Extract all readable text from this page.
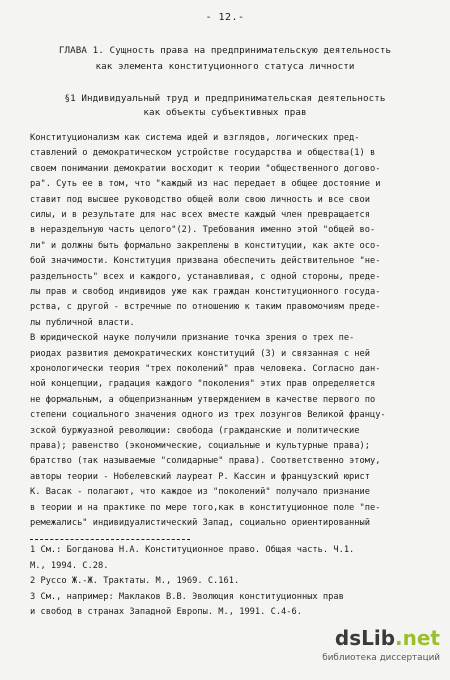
- 12.-
ГЛАВА 1. Сущность права на предпринимательскую деятельность
как элемента конституционного статуса личности
§1 Индивидуальный труд и предпринимательская деятельность
как объекты субъективных прав
Конституционализм как система идей и взглядов, логических пред-
ставлений о демократическом устройстве государства и общества(1) в
своем понимании демократии восходит к теории "общественного догово-
ра". Суть ее в том, что "каждый из нас передает в общее достояние и
ставит под высшее руководство общей воли свою личность и все свои
силы, и в результате для нас всех вместе каждый член превращается
в неразделъную часть целого"(2). Требования именно этой "общей во-
ли" и должны быть формально закреплены в конституции, как акте осо-
бой значимости. Конституция призвана обеспечить действительное "не-
разделъность" всех и каждого, устанавливая, с одной стороны, преде-
лы прав и свобод индивидов уже как граждан конституционного госуда-
рства, с другой - встречные по отношению к таким правомочиям преде-
лы публичной власти.
В юридической науке получили признание точка зрения о трех пе-
риодах развития демократических конституций (3) и связанная с ней
хронологически теория "трех поколений" прав человека. Согласно дан-
ной концепции, градация каждого "поколения" этих прав определяется
не формальным, а общепризнанным утверждением в качестве первого по
степени социального значения одного из трех лозунгов Великой францу-
зской буржуазной революции: свобода (гражданские и политические
права); равенство (экономические, социальные и культурные права);
братство (так называемые "солидарные" права). Соответственно этому,
авторы теории - Нобелевский лауреат Р. Кассин и французский юрист
К. Васак - полагают, что каждое из "поколений" получало признание
в теории и на практике по мере того,как в конституционное поле "пе-
ремежались" индивидуалистический Запад, социально ориентированный
1 См.: Богданова Н.А. Конституционное право. Общая часть. Ч.1.
М., 1994. С.28.
2 Руссо Ж.-Ж. Трактаты. М., 1969. С.161.
3 См., например: Маклаков В.В. Эволюция конституционных прав
и свобод в странах Западной Европы. М., 1991. С.4-6.
dsLib.net
библиотека диссертаций
